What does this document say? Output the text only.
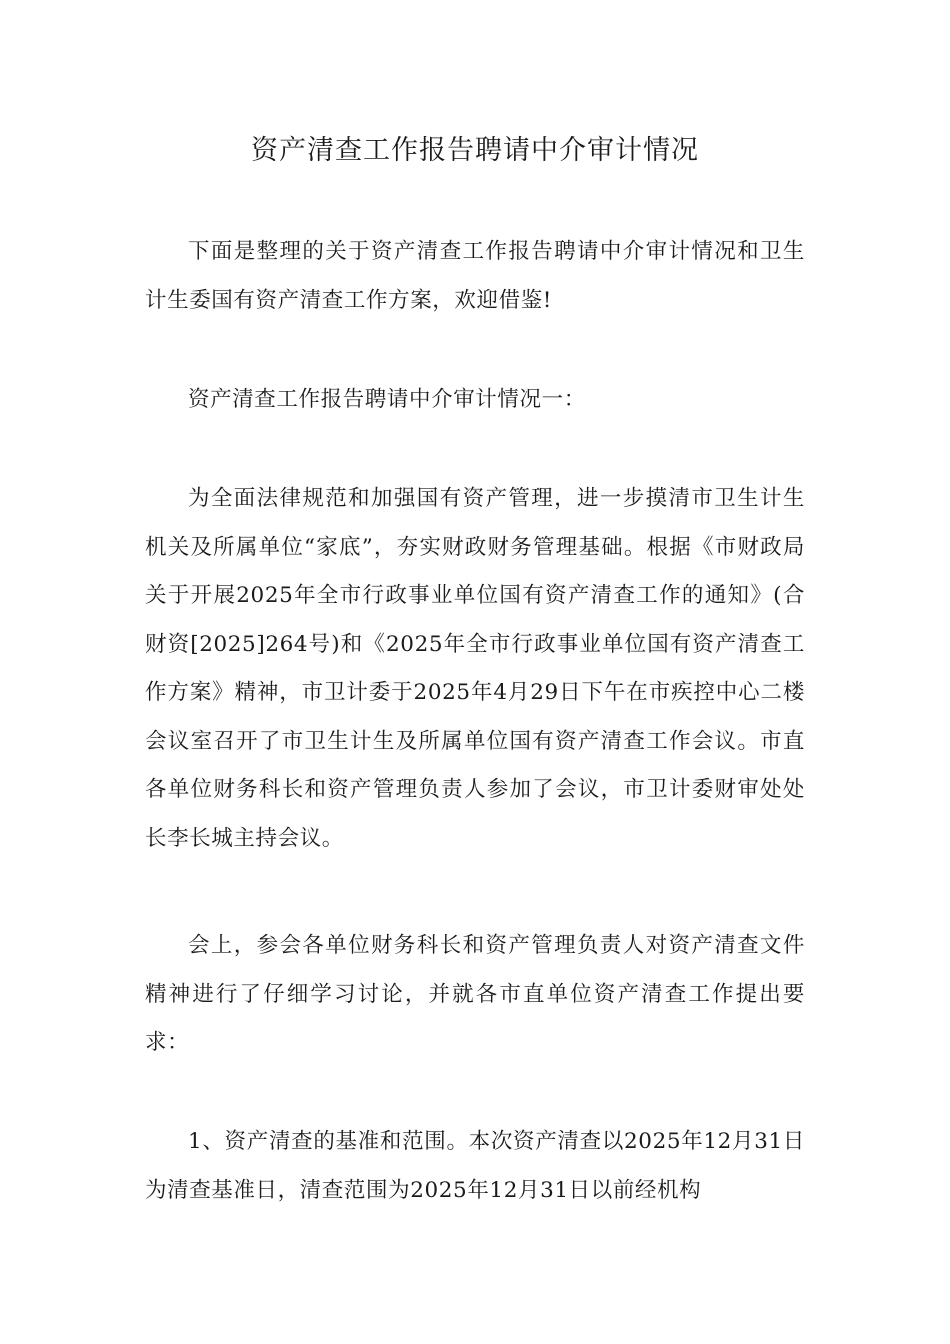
资产清查工作报告聘请中介审计情况
下面是整理的关于资产清查工作报告聘请中介审计情况和卫生计生委国有资产清查工作方案，欢迎借鉴!
资产清查工作报告聘请中介审计情况一：
为全面法律规范和加强国有资产管理，进一步摸清市卫生计生机关及所属单位“家底”，夯实财政财务管理基础。根据《市财政局关于开展2025年全市行政事业单位国有资产清查工作的通知》(合财资[2025]264号)和《2025年全市行政事业单位国有资产清查工作方案》精神，市卫计委于2025年4月29日下午在市疾控中心二楼会议室召开了市卫生计生及所属单位国有资产清查工作会议。市直各单位财务科长和资产管理负责人参加了会议，市卫计委财审处处长李长城主持会议。
会上，参会各单位财务科长和资产管理负责人对资产清查文件精神进行了仔细学习讨论，并就各市直单位资产清查工作提出要求：
1、资产清查的基准和范围。本次资产清查以2025年12月31日为清查基准日，清查范围为2025年12月31日以前经机构
